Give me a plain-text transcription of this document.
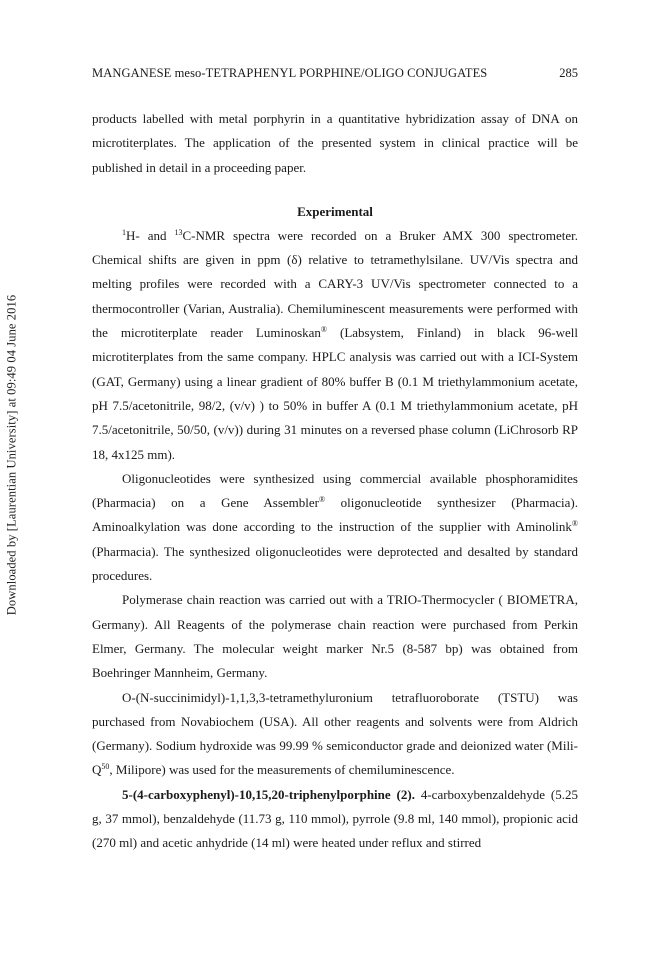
Downloaded by [Laurentian University] at 09:49 04 June 2016
MANGANESE meso-TETRAPHENYL PORPHINE/OLIGO CONJUGATES	285

products labelled with metal porphyrin in a quantitative hybridization assay of DNA on microtiterplates. The application of the presented system in clinical practice will be published in detail in a proceeding paper.

Experimental

$^1$H- and $^{13}$C-NMR spectra were recorded on a Bruker AMX 300 spectrometer. Chemical shifts are given in ppm (δ) relative to tetramethylsilane. UV/Vis spectra and melting profiles were recorded with a CARY-3 UV/Vis spectrometer connected to a thermocontroller (Varian, Australia). Chemiluminescent measurements were performed with the microtiterplate reader Luminoskan® (Labsystem, Finland) in black 96-well microtiterplates from the same company. HPLC analysis was carried out with a ICI-System (GAT, Germany) using a linear gradient of 80% buffer B (0.1 M triethylammonium acetate, pH 7.5/acetonitrile, 98/2, (v/v) ) to 50% in buffer A (0.1 M triethylammonium acetate, pH 7.5/acetonitrile, 50/50, (v/v)) during 31 minutes on a reversed phase column (LiChrosorb RP 18, 4x125 mm).

Oligonucleotides were synthesized using commercial available phosphoramidites (Pharmacia) on a Gene Assembler® oligonucleotide synthesizer (Pharmacia). Aminoalkylation was done according to the instruction of the supplier with Aminolink® (Pharmacia). The synthesized oligonucleotides were deprotected and desalted by standard procedures.

Polymerase chain reaction was carried out with a TRIO-Thermocycler ( BIOMETRA, Germany). All Reagents of the polymerase chain reaction were purchased from Perkin Elmer, Germany. The molecular weight marker Nr.5 (8-587 bp) was obtained from Boehringer Mannheim, Germany.

O-(N-succinimidyl)-1,1,3,3-tetramethyluronium tetrafluoroborate (TSTU) was purchased from Novabiochem (USA). All other reagents and solvents were from Aldrich (Germany). Sodium hydroxide was 99.99 % semiconductor grade and deionized water ($Mili-Q^{50}$, Milipore) was used for the measurements of chemiluminescence.

5-(4-carboxyphenyl)-10,15,20-triphenylporphine (2). 4-carboxybenzaldehyde (5.25 g, 37 mmol), benzaldehyde (11.73 g, 110 mmol), pyrrole (9.8 ml, 140 mmol), propionic acid (270 ml) and acetic anhydride (14 ml) were heated under reflux and stirred
